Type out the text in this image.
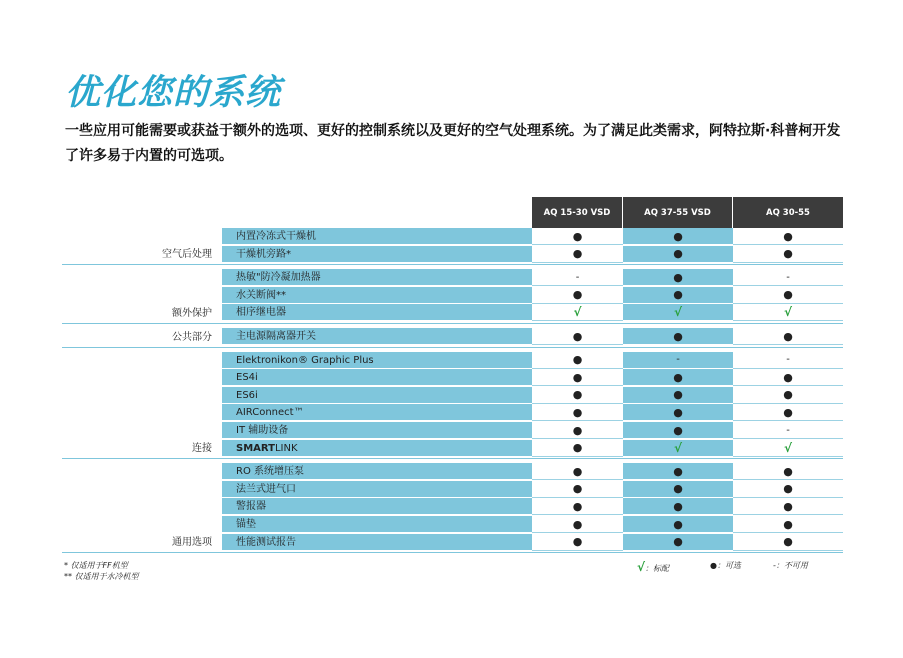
优化您的系统

一些应用可能需要或获益于额外的选项、更好的控制系统以及更好的空气处理系统。为了满足此类需求，阿特拉斯·科普柯开发了许多易于内置的可选项。

AQ 15-30 VSD	AQ 37-55 VSD	AQ 30-55
内置冷冻式干燥机	●	●	●
干燥机旁路*	●	●	●
空气后处理
热敏"防冷凝加热器	-	●	-
水关断阀**	●	●	●
相序继电器	√	√	√
额外保护
主电源隔离器开关	●	●	●
公共部分
Elektronikon® Graphic Plus	●	-	-
ES4i	●	●	●
ES6i	●	●	●
AIRConnect™	●	●	●
IT 辅助设备	●	●	-
SMARTLINK	●	√	√
连接
RO 系统增压泵	●	●	●
法兰式进气口	●	●	●
警报器	●	●	●
锚垫	●	●	●
性能测试报告	●	●	●
通用选项
* 仅适用于FF机型
** 仅适用于水冷机型
√：标配	●：可选	-：不可用
